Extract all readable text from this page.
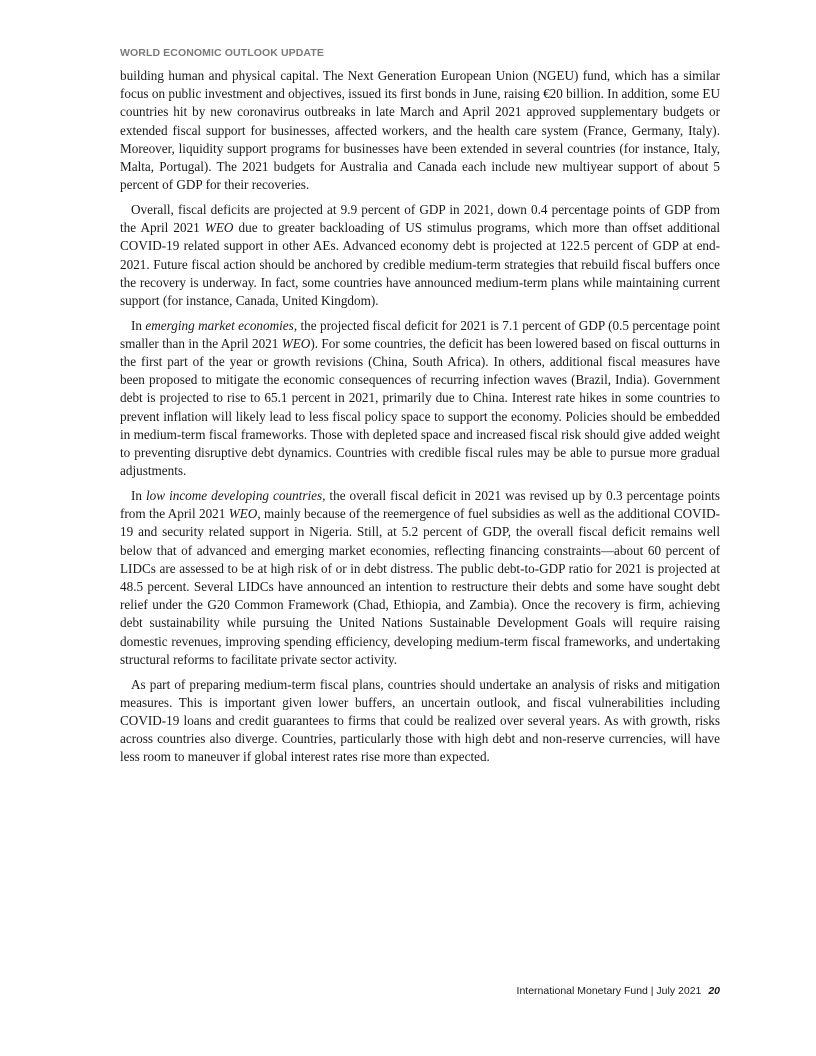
WORLD ECONOMIC OUTLOOK UPDATE

building human and physical capital. The Next Generation European Union (NGEU) fund, which has a similar focus on public investment and objectives, issued its first bonds in June, raising €20 billion. In addition, some EU countries hit by new coronavirus outbreaks in late March and April 2021 approved supplementary budgets or extended fiscal support for businesses, affected workers, and the health care system (France, Germany, Italy). Moreover, liquidity support programs for businesses have been extended in several countries (for instance, Italy, Malta, Portugal). The 2021 budgets for Australia and Canada each include new multiyear support of about 5 percent of GDP for their recoveries.

Overall, fiscal deficits are projected at 9.9 percent of GDP in 2021, down 0.4 percentage points of GDP from the April 2021 WEO due to greater backloading of US stimulus programs, which more than offset additional COVID-19 related support in other AEs. Advanced economy debt is projected at 122.5 percent of GDP at end-2021. Future fiscal action should be anchored by credible medium-term strategies that rebuild fiscal buffers once the recovery is underway. In fact, some countries have announced medium-term plans while maintaining current support (for instance, Canada, United Kingdom).

In emerging market economies, the projected fiscal deficit for 2021 is 7.1 percent of GDP (0.5 percentage point smaller than in the April 2021 WEO). For some countries, the deficit has been lowered based on fiscal outturns in the first part of the year or growth revisions (China, South Africa). In others, additional fiscal measures have been proposed to mitigate the economic consequences of recurring infection waves (Brazil, India). Government debt is projected to rise to 65.1 percent in 2021, primarily due to China. Interest rate hikes in some countries to prevent inflation will likely lead to less fiscal policy space to support the economy. Policies should be embedded in medium-term fiscal frameworks. Those with depleted space and increased fiscal risk should give added weight to preventing disruptive debt dynamics. Countries with credible fiscal rules may be able to pursue more gradual adjustments.

In low income developing countries, the overall fiscal deficit in 2021 was revised up by 0.3 percentage points from the April 2021 WEO, mainly because of the reemergence of fuel subsidies as well as the additional COVID-19 and security related support in Nigeria. Still, at 5.2 percent of GDP, the overall fiscal deficit remains well below that of advanced and emerging market economies, reflecting financing constraints—about 60 percent of LIDCs are assessed to be at high risk of or in debt distress. The public debt-to-GDP ratio for 2021 is projected at 48.5 percent. Several LIDCs have announced an intention to restructure their debts and some have sought debt relief under the G20 Common Framework (Chad, Ethiopia, and Zambia). Once the recovery is firm, achieving debt sustainability while pursuing the United Nations Sustainable Development Goals will require raising domestic revenues, improving spending efficiency, developing medium-term fiscal frameworks, and undertaking structural reforms to facilitate private sector activity.

As part of preparing medium-term fiscal plans, countries should undertake an analysis of risks and mitigation measures. This is important given lower buffers, an uncertain outlook, and fiscal vulnerabilities including COVID-19 loans and credit guarantees to firms that could be realized over several years. As with growth, risks across countries also diverge. Countries, particularly those with high debt and non-reserve currencies, will have less room to maneuver if global interest rates rise more than expected.

International Monetary Fund | July 2021 20
